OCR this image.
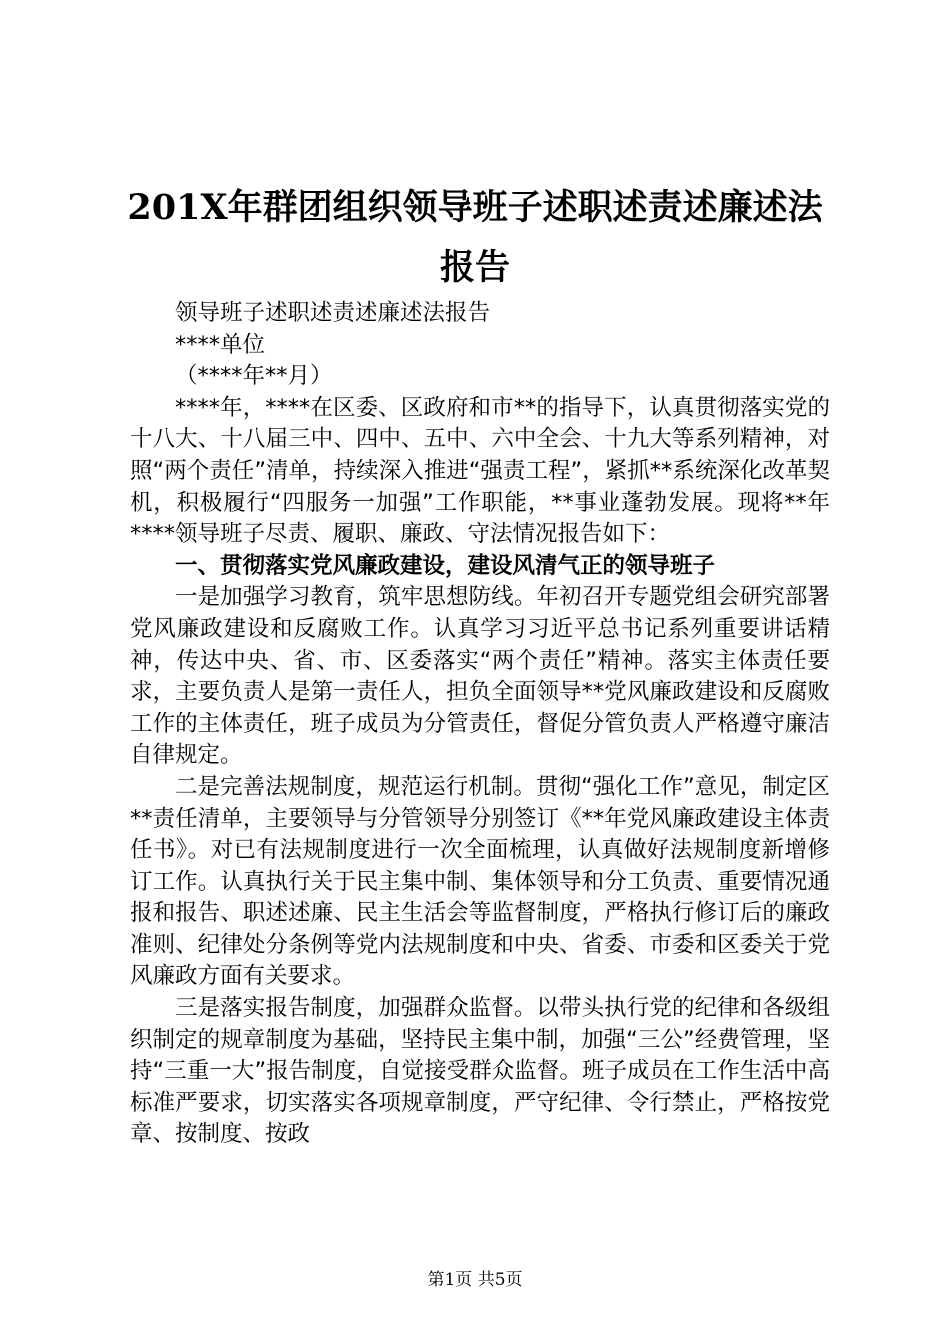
201X年群团组织领导班子述职述责述廉述法
报告

领导班子述职述责述廉述法报告

****单位

（****年**月）

****年，****在区委、区政府和市**的指导下，认真贯彻落实党的十八大、十八届三中、四中、五中、六中全会、十九大等系列精神，对照“两个责任”清单，持续深入推进“强责工程”，紧抓**系统深化改革契机，积极履行“四服务一加强”工作职能，**事业蓬勃发展。现将**年****领导班子尽责、履职、廉政、守法情况报告如下：

一、贯彻落实党风廉政建设，建设风清气正的领导班子

一是加强学习教育，筑牢思想防线。年初召开专题党组会研究部署党风廉政建设和反腐败工作。认真学习习近平总书记系列重要讲话精神，传达中央、省、市、区委落实“两个责任”精神。落实主体责任要求，主要负责人是第一责任人，担负全面领导**党风廉政建设和反腐败工作的主体责任，班子成员为分管责任，督促分管负责人严格遵守廉洁自律规定。

二是完善法规制度，规范运行机制。贯彻“强化工作”意见，制定区**责任清单，主要领导与分管领导分别签订《**年党风廉政建设主体责任书》。对已有法规制度进行一次全面梳理，认真做好法规制度新增修订工作。认真执行关于民主集中制、集体领导和分工负责、重要情况通报和报告、职述述廉、民主生活会等监督制度，严格执行修订后的廉政准则、纪律处分条例等党内法规制度和中央、省委、市委和区委关于党风廉政方面有关要求。

三是落实报告制度，加强群众监督。以带头执行党的纪律和各级组织制定的规章制度为基础，坚持民主集中制，加强“三公”经费管理，坚持“三重一大”报告制度，自觉接受群众监督。班子成员在工作生活中高标准严要求，切实落实各项规章制度，严守纪律、令行禁止，严格按党章、按制度、按政

第1页 共5页
